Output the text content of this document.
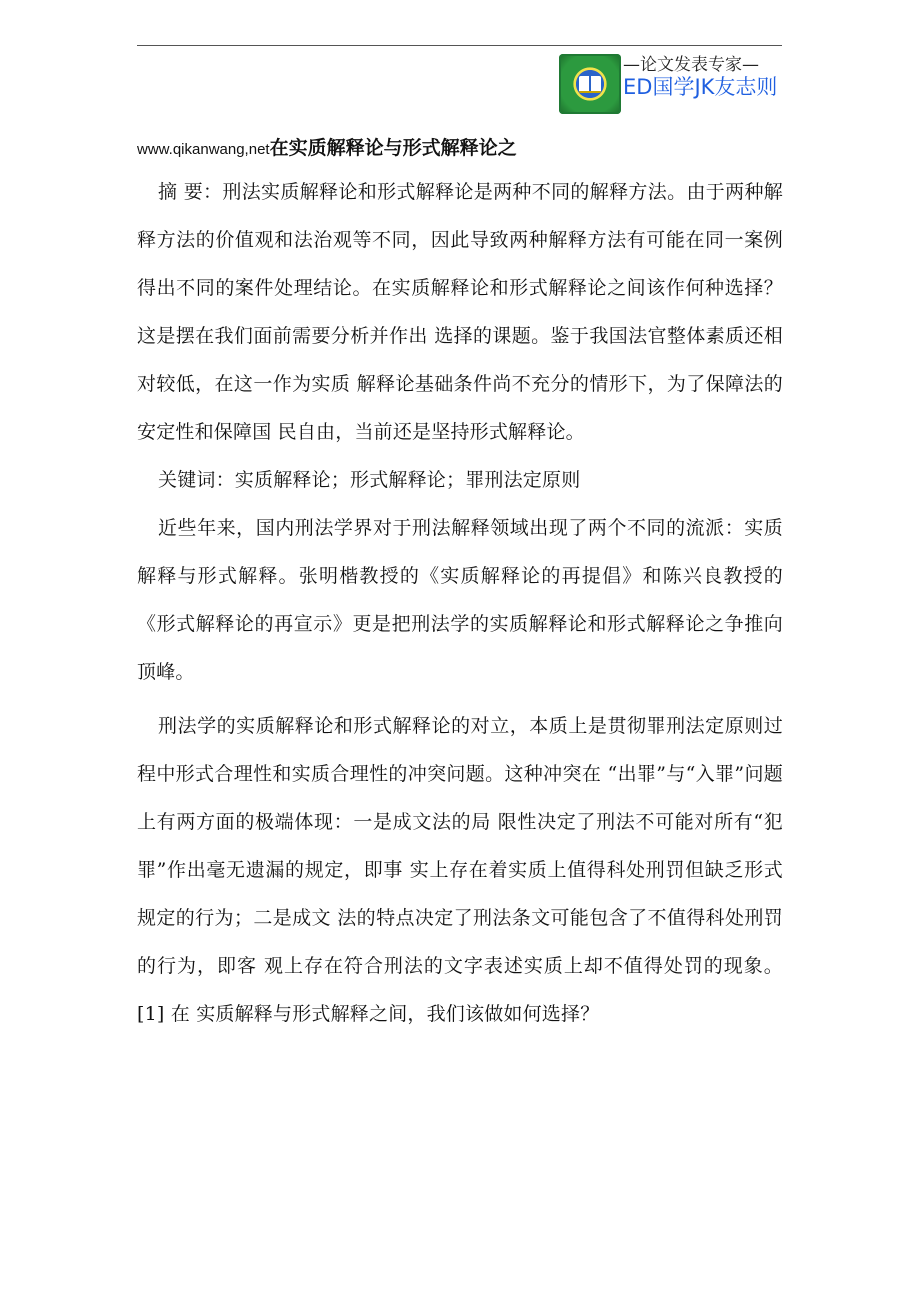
—论文发表专家—
ED国学JK友志则
www.qikanwang,net在实质解释论与形式解释论之

摘 要：刑法实质解释论和形式解释论是两种不同的解释方法。由于两种解释方法的价值观和法治观等不同，因此导致两种解释方法有可能在同一案例得出不同的案件处理结论。在实质解释论和形式解释论之间该作何种选择？这是摆在我们面前需要分析并作出 选择的课题。鉴于我国法官整体素质还相对较低，在这一作为实质 解释论基础条件尚不充分的情形下，为了保障法的安定性和保障国 民自由，当前还是坚持形式解释论。

关键词：实质解释论；形式解释论；罪刑法定原则

近些年来，国内刑法学界对于刑法解释领域出现了两个不同的流派：实质解释与形式解释。张明楷教授的《实质解释论的再提倡》和陈兴良教授的《形式解释论的再宣示》更是把刑法学的实质解释论和形式解释论之争推向顶峰。

刑法学的实质解释论和形式解释论的对立，本质上是贯彻罪刑法定原则过程中形式合理性和实质合理性的冲突问题。这种冲突在 “出罪”与“入罪”问题上有两方面的极端体现：一是成文法的局 限性决定了刑法不可能对所有“犯罪”作出毫无遗漏的规定，即事 实上存在着实质上值得科处刑罚但缺乏形式规定的行为；二是成文 法的特点决定了刑法条文可能包含了不值得科处刑罚的行为，即客 观上存在符合刑法的文字表述实质上却不值得处罚的现象。[1] 在 实质解释与形式解释之间，我们该做如何选择？
